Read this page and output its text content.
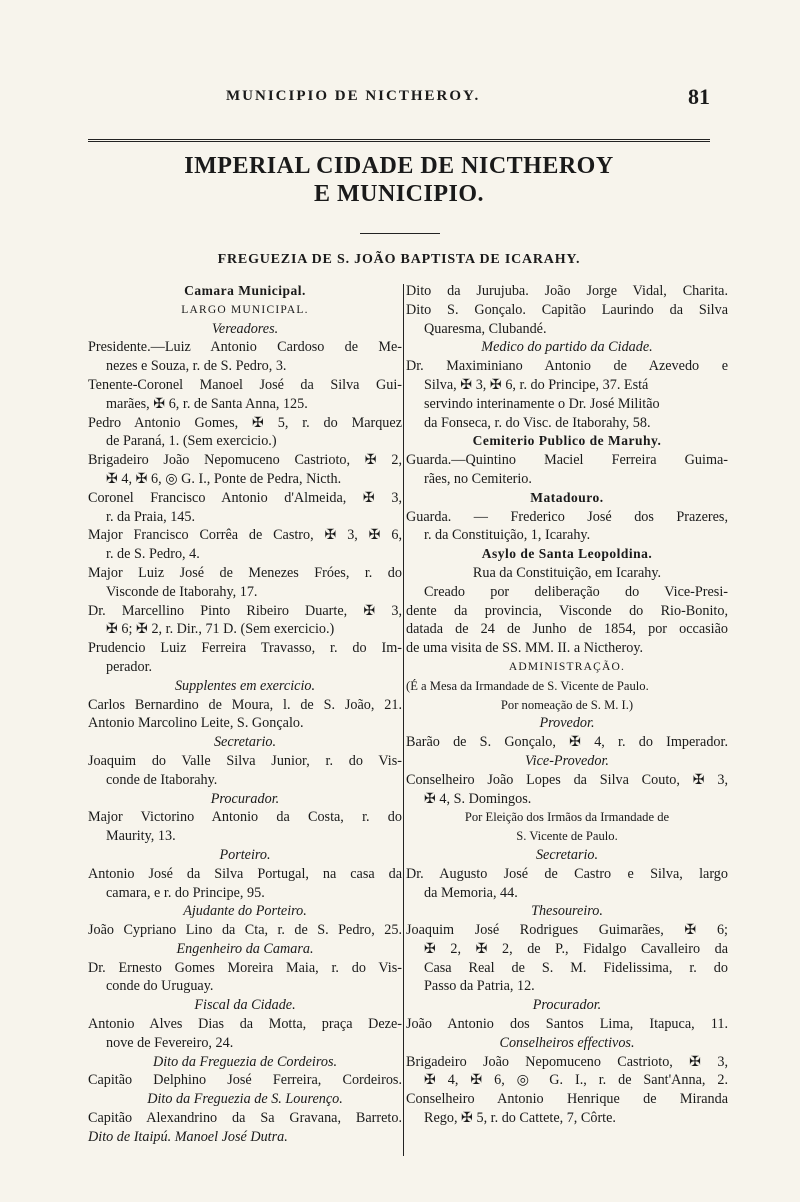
MUNICIPIO DE NICTHEROY.	81
IMPERIAL CIDADE DE NICTHEROY
E MUNICIPIO.
FREGUEZIA DE S. JOÃO BAPTISTA DE ICARAHY.
Camara Municipal.
LARGO MUNICIPAL.
Vereadores.
Presidente.—Luiz Antonio Cardoso de Me-
nezes e Souza, r. de S. Pedro, 3.
Tenente-Coronel Manoel José da Silva Gui-
marães, ✠ 6, r. de Santa Anna, 125.
Pedro Antonio Gomes, ✠ 5, r. do Marquez
de Paraná, 1. (Sem exercicio.)
Brigadeiro João Nepomuceno Castrioto, ✠ 2,
✠ 4, ✠ 6, ◎ G. I., Ponte de Pedra, Nicth.
Coronel Francisco Antonio d'Almeida, ✠ 3,
r. da Praia, 145.
Major Francisco Corrêa de Castro, ✠ 3, ✠ 6,
r. de S. Pedro, 4.
Major Luiz José de Menezes Fróes, r. do
Visconde de Itaborahy, 17.
Dr. Marcellino Pinto Ribeiro Duarte, ✠ 3,
✠ 6; ✠ 2, r. Dir., 71 D. (Sem exercicio.)
Prudencio Luiz Ferreira Travasso, r. do Im-
perador.
Supplentes em exercicio.
Carlos Bernardino de Moura, l. de S. João, 21.
Antonio Marcolino Leite, S. Gonçalo.
Secretario.
Joaquim do Valle Silva Junior, r. do Vis-
conde de Itaborahy.
Procurador.
Major Victorino Antonio da Costa, r. do
Maurity, 13.
Porteiro.
Antonio José da Silva Portugal, na casa da
camara, e r. do Principe, 95.
Ajudante do Porteiro.
João Cypriano Lino da Cta, r. de S. Pedro, 25.
Engenheiro da Camara.
Dr. Ernesto Gomes Moreira Maia, r. do Vis-
conde do Uruguay.
Fiscal da Cidade.
Antonio Alves Dias da Motta, praça Deze-
nove de Fevereiro, 24.
Dito da Freguezia de Cordeiros.
Capitão Delphino José Ferreira, Cordeiros.
Dito da Freguezia de S. Lourenço.
Capitão Alexandrino da Sa Gravana, Barreto.
Dito de Itaipú. Manoel José Dutra.
Dito da Jurujuba. João Jorge Vidal, Charita.
Dito S. Gonçalo. Capitão Laurindo da Silva
Quaresma, Clubandé.
Medico do partido da Cidade.
Dr. Maximiniano Antonio de Azevedo e
Silva, ✠ 3, ✠ 6, r. do Principe, 37. Está
servindo interinamente o Dr. José Militão
da Fonseca, r. do Visc. de Itaborahy, 58.
Cemiterio Publico de Maruhy.
Guarda.—Quintino Maciel Ferreira Guima-
rães, no Cemiterio.
Matadouro.
Guarda. — Frederico José dos Prazeres,
r. da Constituição, 1, Icarahy.
Asylo de Santa Leopoldina.
Rua da Constituição, em Icarahy.
Creado por deliberação do Vice-Presi-
dente da provincia, Visconde do Rio-Bonito,
datada de 24 de Junho de 1854, por occasião
de uma visita de SS. MM. II. a Nictheroy.
ADMINISTRAÇÃO.
(É a Mesa da Irmandade de S. Vicente de Paulo.
Por nomeação de S. M. I.)
Provedor.
Barão de S. Gonçalo, ✠ 4, r. do Imperador.
Vice-Provedor.
Conselheiro João Lopes da Silva Couto, ✠ 3,
✠ 4, S. Domingos.
Por Eleição dos Irmãos da Irmandade de
S. Vicente de Paulo.
Secretario.
Dr. Augusto José de Castro e Silva, largo
da Memoria, 44.
Thesoureiro.
Joaquim José Rodrigues Guimarães, ✠ 6;
✠ 2, ✠ 2, de P., Fidalgo Cavalleiro da
Casa Real de S. M. Fidelissima, r. do
Passo da Patria, 12.
Procurador.
João Antonio dos Santos Lima, Itapuca, 11.
Conselheiros effectivos.
Brigadeiro João Nepomuceno Castrioto, ✠ 3,
✠ 4, ✠ 6, ◎ G. I., r. de Sant'Anna, 2.
Conselheiro Antonio Henrique de Miranda
Rego, ✠ 5, r. do Cattete, 7, Côrte.
